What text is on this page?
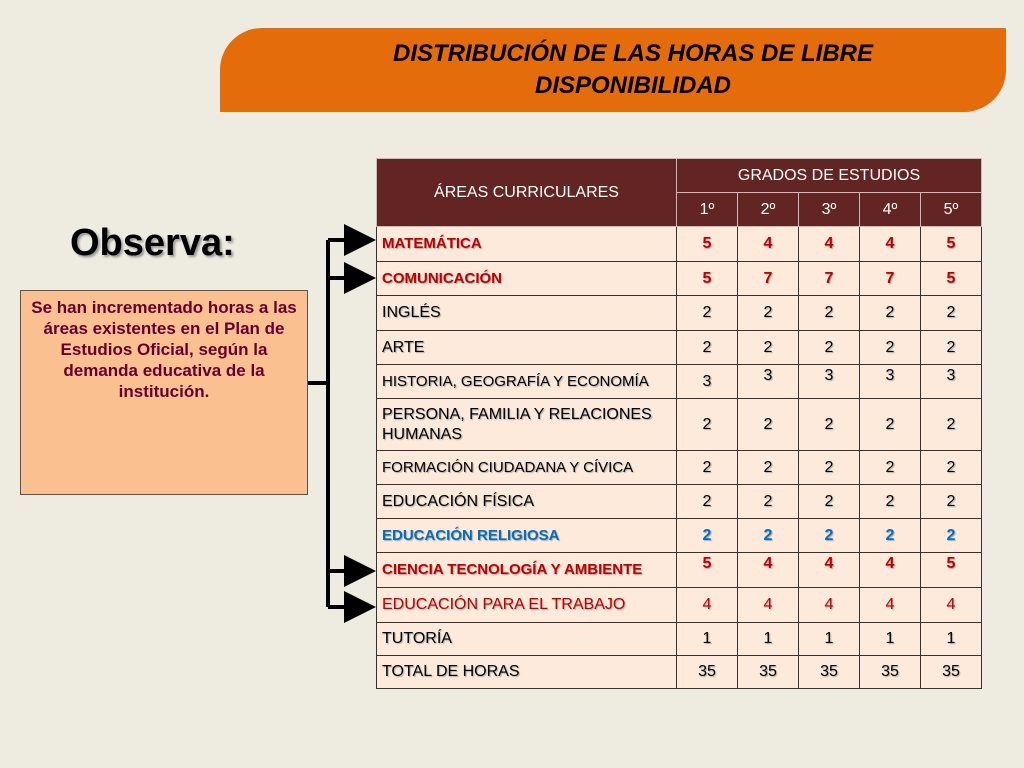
DISTRIBUCIÓN DE LAS HORAS DE LIBRE DISPONIBILIDAD
Observa:
Se han incrementado horas a las áreas existentes en el Plan de Estudios Oficial, según la demanda educativa de la institución.
ÁREAS CURRICULARES	GRADOS DE ESTUDIOS				
	1º	2º	3º	4º	5º
MATEMÁTICA	5	4	4	4	5
COMUNICACIÓN	5	7	7	7	5
INGLÉS	2	2	2	2	2
ARTE	2	2	2	2	2
HISTORIA, GEOGRAFÍA Y ECONOMÍA	3	3	3	3	3
PERSONA, FAMILIA Y RELACIONES HUMANAS	2	2	2	2	2
FORMACIÓN CIUDADANA Y CÍVICA	2	2	2	2	2
EDUCACIÓN FÍSICA	2	2	2	2	2
EDUCACIÓN RELIGIOSA	2	2	2	2	2
CIENCIA TECNOLOGÍA Y AMBIENTE	5	4	4	4	5
EDUCACIÓN PARA EL TRABAJO	4	4	4	4	4
TUTORÍA	1	1	1	1	1
TOTAL DE HORAS	35	35	35	35	35
